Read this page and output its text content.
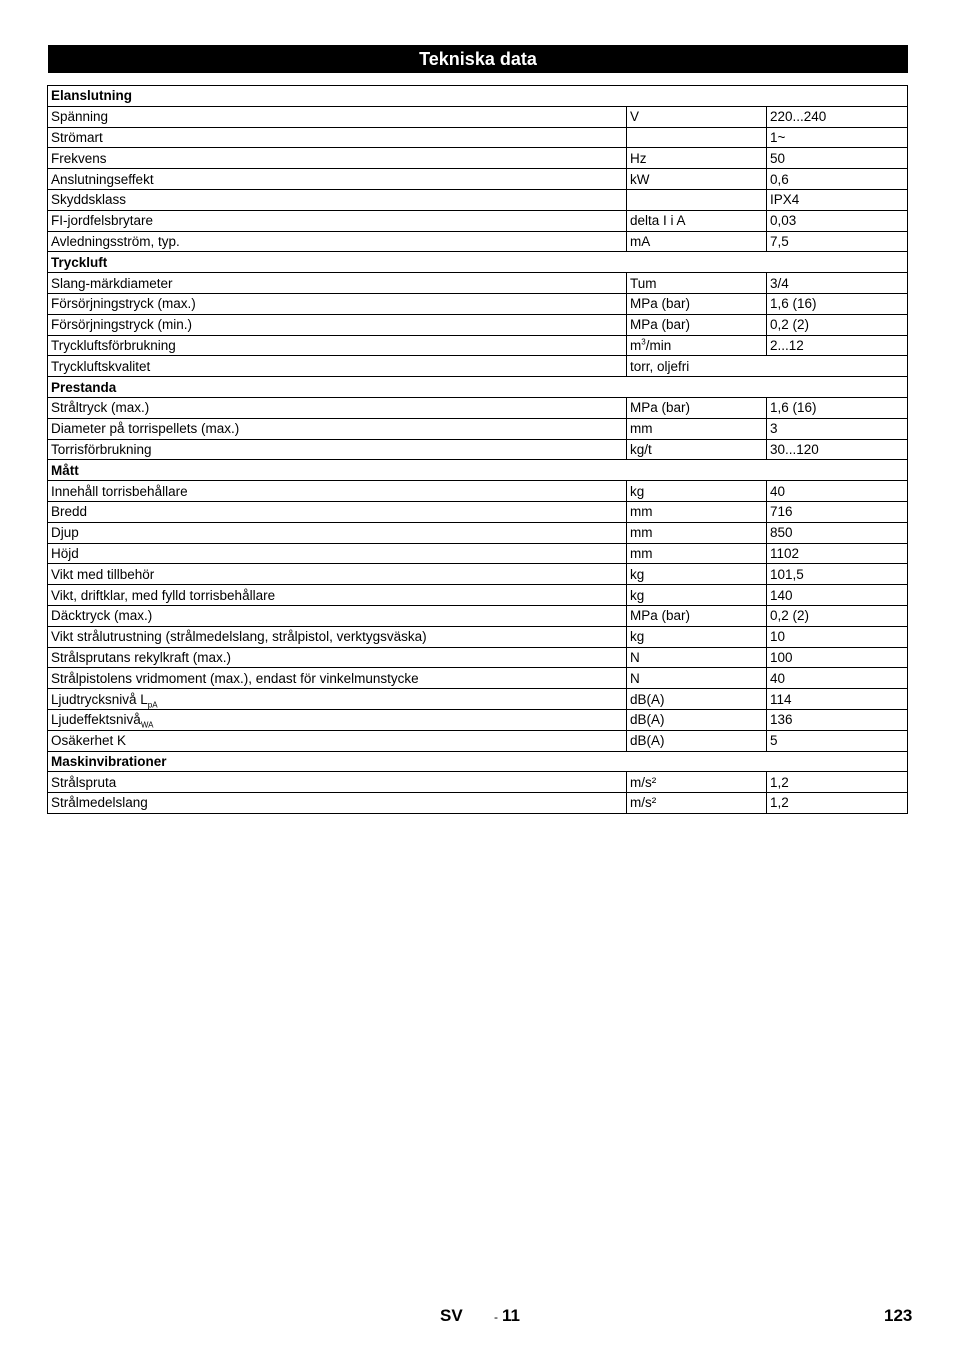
Tekniska data
Elanslutning		
Spänning	V	220...240
Strömart		1~
Frekvens	Hz	50
Anslutningseffekt	kW	0,6
Skyddsklass		IPX4
FI-jordfelsbrytare	delta I i A	0,03
Avledningsström, typ.	mA	7,5
Tryckluft		
Slang-märkdiameter	Tum	3/4
Försörjningstryck (max.)	MPa (bar)	1,6 (16)
Försörjningstryck (min.)	MPa (bar)	0,2 (2)
Tryckluftsförbrukning	$m^3/\min$	2...12
Tryckluftskvalitet	torr, oljefri	
Prestanda		
Stråltryck (max.)	MPa (bar)	1,6 (16)
Diameter på torrispellets (max.)	mm	3
Torrisförbrukning	kg/t	30...120
Mått		
Innehåll torrisbehållare	kg	40
Bredd	mm	716
Djup	mm	850
Höjd	mm	1102
Vikt med tillbehör	kg	101,5
Vikt, driftklar, med fylld torrisbehållare	kg	140
Däcktryck (max.)	MPa (bar)	0,2 (2)
Vikt strålutrustning (strålmedelslang, strålpistol, verktygsväska)	kg	10
Strålsprutans rekylkraft (max.)	N	100
Strålpistolens vridmoment (max.), endast för vinkelmunstycke	N	40
Ljudtrycksnivå $L_{pA}$	dB(A)	114
Ljudeffektsnivå$_{WA}$	dB(A)	136
Osäkerhet K	dB(A)	5
Maskinvibrationer		
Strålspruta	m/s²	1,2
Strålmedelslang	m/s²	1,2
SV	- 11	123
